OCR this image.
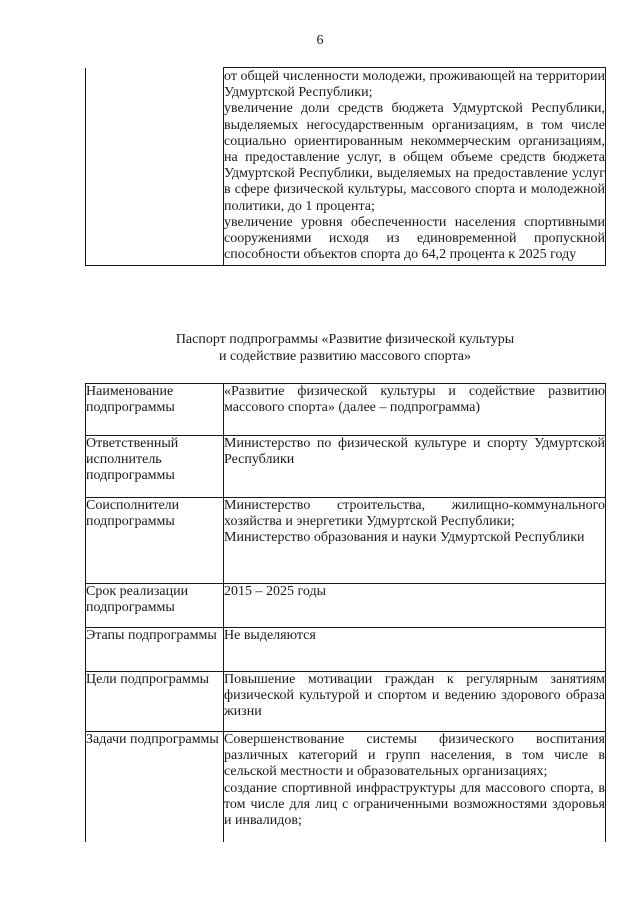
6

от общей численности молодежи, проживающей на территории Удмуртской Республики;

увеличение доли средств бюджета Удмуртской Республики, выделяемых негосударственным организациям, в том числе социально ориентированным некоммерческим организациям, на предоставление услуг, в общем объеме средств бюджета Удмуртской Республики, выделяемых на предоставление услуг в сфере физической культуры, массового спорта и молодежной политики, до 1 процента;

увеличение уровня обеспеченности населения спортивными сооружениями исходя из единовременной пропускной способности объектов спорта до 64,2 процента к 2025 году

Паспорт подпрограммы «Развитие физической культуры
и содействие развитию массового спорта»
Наименование подпрограммы	«Развитие физической культуры и содействие развитию массового спорта» (далее – подпрограмма)

Ответственный исполнитель подпрограммы	Министерство по физической культуре и спорту Удмуртской Республики

Соисполнители подпрограммы	Министерство строительства, жилищно-коммунального хозяйства и энергетики Удмуртской Республики;

Министерство образования и науки Удмуртской Республики

Срок реализации подпрограммы	2015 – 2025 годы

Этапы подпрограммы	Не выделяются

Цели подпрограммы	Повышение мотивации граждан к регулярным занятиям физической культурой и спортом и ведению здорового образа жизни

Задачи подпрограммы	Совершенствование системы физического воспитания различных категорий и групп населения, в том числе в сельской местности и образовательных организациях;

создание спортивной инфраструктуры для массового спорта, в том числе для лиц с ограниченными возможностями здоровья и инвалидов;
